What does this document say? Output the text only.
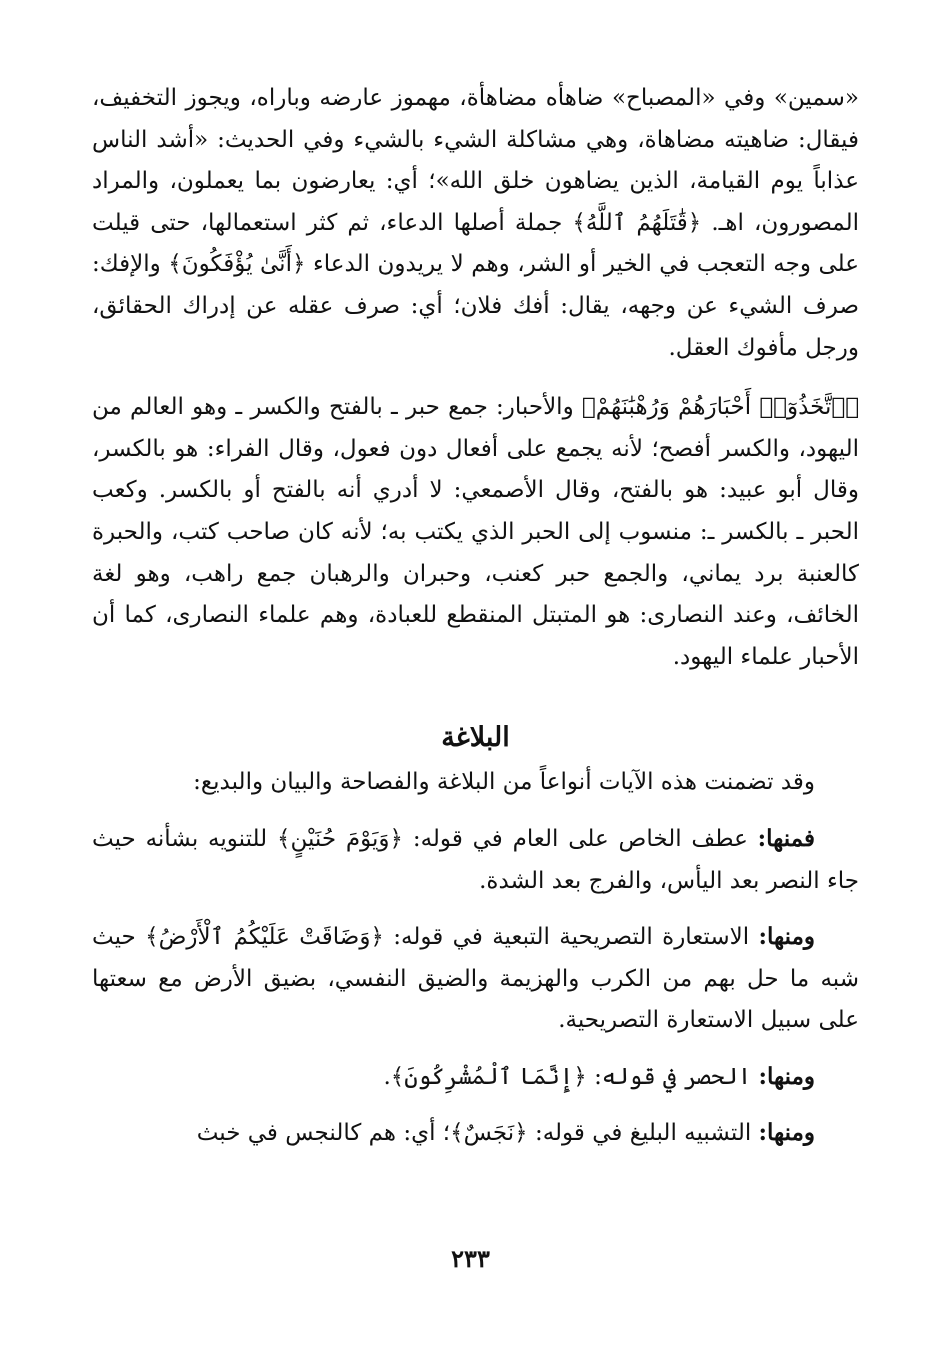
«سمين» وفي «المصباح» ضاهأه مضاهأة، مهموز عارضه وباراه، ويجوز التخفيف، فيقال: ضاهيته مضاهاة، وهي مشاكلة الشيء بالشيء وفي الحديث: «أشد الناس عذاباً يوم القيامة، الذين يضاهون خلق الله»؛ أي: يعارضون بما يعملون، والمراد المصورون، اهـ. ﴿قَٰتَلَهُمُ ٱللَّهُ﴾ جملة أصلها الدعاء، ثم كثر استعمالها، حتى قيلت على وجه التعجب في الخير أو الشر، وهم لا يريدون الدعاء ﴿أَنَّىٰ يُؤْفَكُونَ﴾ والإفك: صرف الشيء عن وجهه، يقال: أفك فلان؛ أي: صرف عقله عن إدراك الحقائق، ورجل مأفوك العقل.

﴿ٱتَّخَذُوٓا۟ أَحْبَارَهُمْ وَرُهْبَٰنَهُمْ﴾ والأحبار: جمع حبر ـ بالفتح والكسر ـ وهو العالم من اليهود، والكسر أفصح؛ لأنه يجمع على أفعال دون فعول، وقال الفراء: هو بالكسر، وقال أبو عبيد: هو بالفتح، وقال الأصمعي: لا أدري أنه بالفتح أو بالكسر. وكعب الحبر ـ بالكسر ـ: منسوب إلى الحبر الذي يكتب به؛ لأنه كان صاحب كتب، والحبرة كالعنبة برد يماني، والجمع حبر كعنب، وحبران والرهبان جمع راهب، وهو لغة الخائف، وعند النصارى: هو المتبتل المنقطع للعبادة، وهم علماء النصارى، كما أن الأحبار علماء اليهود.

البلاغة

وقد تضمنت هذه الآيات أنواعاً من البلاغة والفصاحة والبيان والبديع:

فمنها: عطف الخاص على العام في قوله: ﴿وَيَوْمَ حُنَيْنٍ﴾ للتنويه بشأنه حيث جاء النصر بعد اليأس، والفرج بعد الشدة.

ومنها: الاستعارة التصريحية التبعية في قوله: ﴿وَضَاقَتْ عَلَيْكُمُ ٱلْأَرْضُ﴾ حيث شبه ما حل بهم من الكرب والهزيمة والضيق النفسي، بضيق الأرض مع سعتها على سبيل الاستعارة التصريحية.

ومنها: الحصر في قوله: ﴿إِنَّمَا ٱلْمُشْرِكُونَ﴾.

ومنها: التشبيه البليغ في قوله: ﴿نَجَسٌ﴾؛ أي: هم كالنجس في خبث

٢٣٣
